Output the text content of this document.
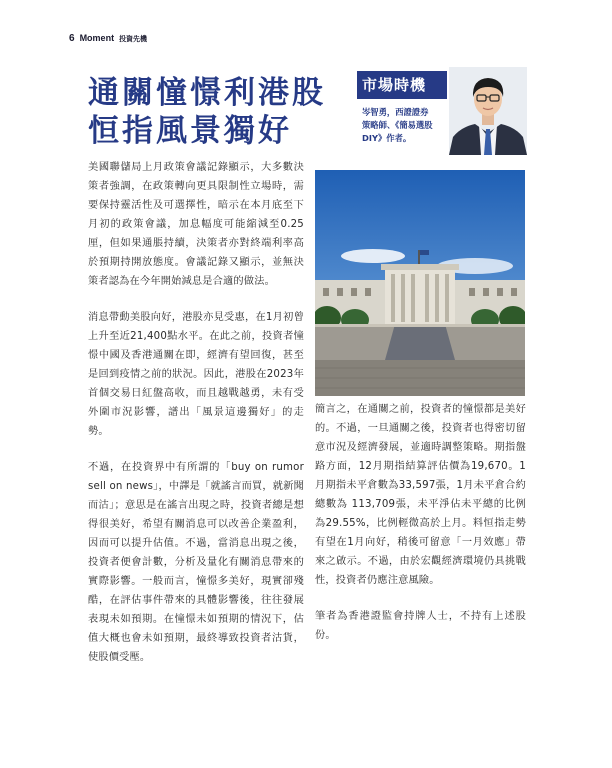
6 Moment 投資先機
通關憧憬利港股
恒指風景獨好
市場時機
岑智勇，西證證券
策略師、《簡易選股
DIY》作者。

美國聯儲局上月政策會議記錄顯示，大多數決策者強調，在政策轉向更具限制性立場時，需要保持靈活性及可選擇性，暗示在本月底至下月初的政策會議，加息幅度可能縮減至0.25厘，但如果通脹持續，決策者亦對終端利率高於預期持開放態度。會議記錄又顯示，並無決策者認為在今年開始減息是合適的做法。

消息帶動美股向好，港股亦見受惠，在1月初曾上升至近21,400點水平。在此之前，投資者憧憬中國及香港通關在即，經濟有望回復，甚至是回到疫情之前的狀況。因此，港股在2023年首個交易日紅盤高收，而且越戰越勇，未有受外圍市況影響，譜出「風景這邊獨好」的走勢。

不過，在投資界中有所謂的「buy on rumor sell on news」，中譯是「就謠言而買，就新聞而沽」；意思是在謠言出現之時，投資者總是想得很美好，希望有關消息可以改善企業盈利，因而可以提升估值。不過，當消息出現之後，投資者便會計數，分析及量化有關消息帶來的實際影響。一般而言，憧憬多美好，現實卻殘酷，在評估事件帶來的具體影響後，往往發展表現未如預期。在憧憬未如預期的情況下，估值大概也會未如預期，最終導致投資者沽貨，使股價受壓。

簡言之，在通關之前，投資者的憧憬都是美好的。不過，一旦通關之後，投資者也得密切留意市況及經濟發展，並適時調整策略。期指盤路方面，12月期指結算評估價為19,670。1月期指未平倉數為33,597張，1月未平倉合約總數為 113,709張，未平淨佔未平總的比例為29.55%，比例輕微高於上月。料恒指走勢有望在1月向好，稍後可留意「一月效應」帶來之啟示。不過，由於宏觀經濟環境仍具挑戰性，投資者仍應注意風險。

筆者為香港證監會持牌人士，不持有上述股份。
